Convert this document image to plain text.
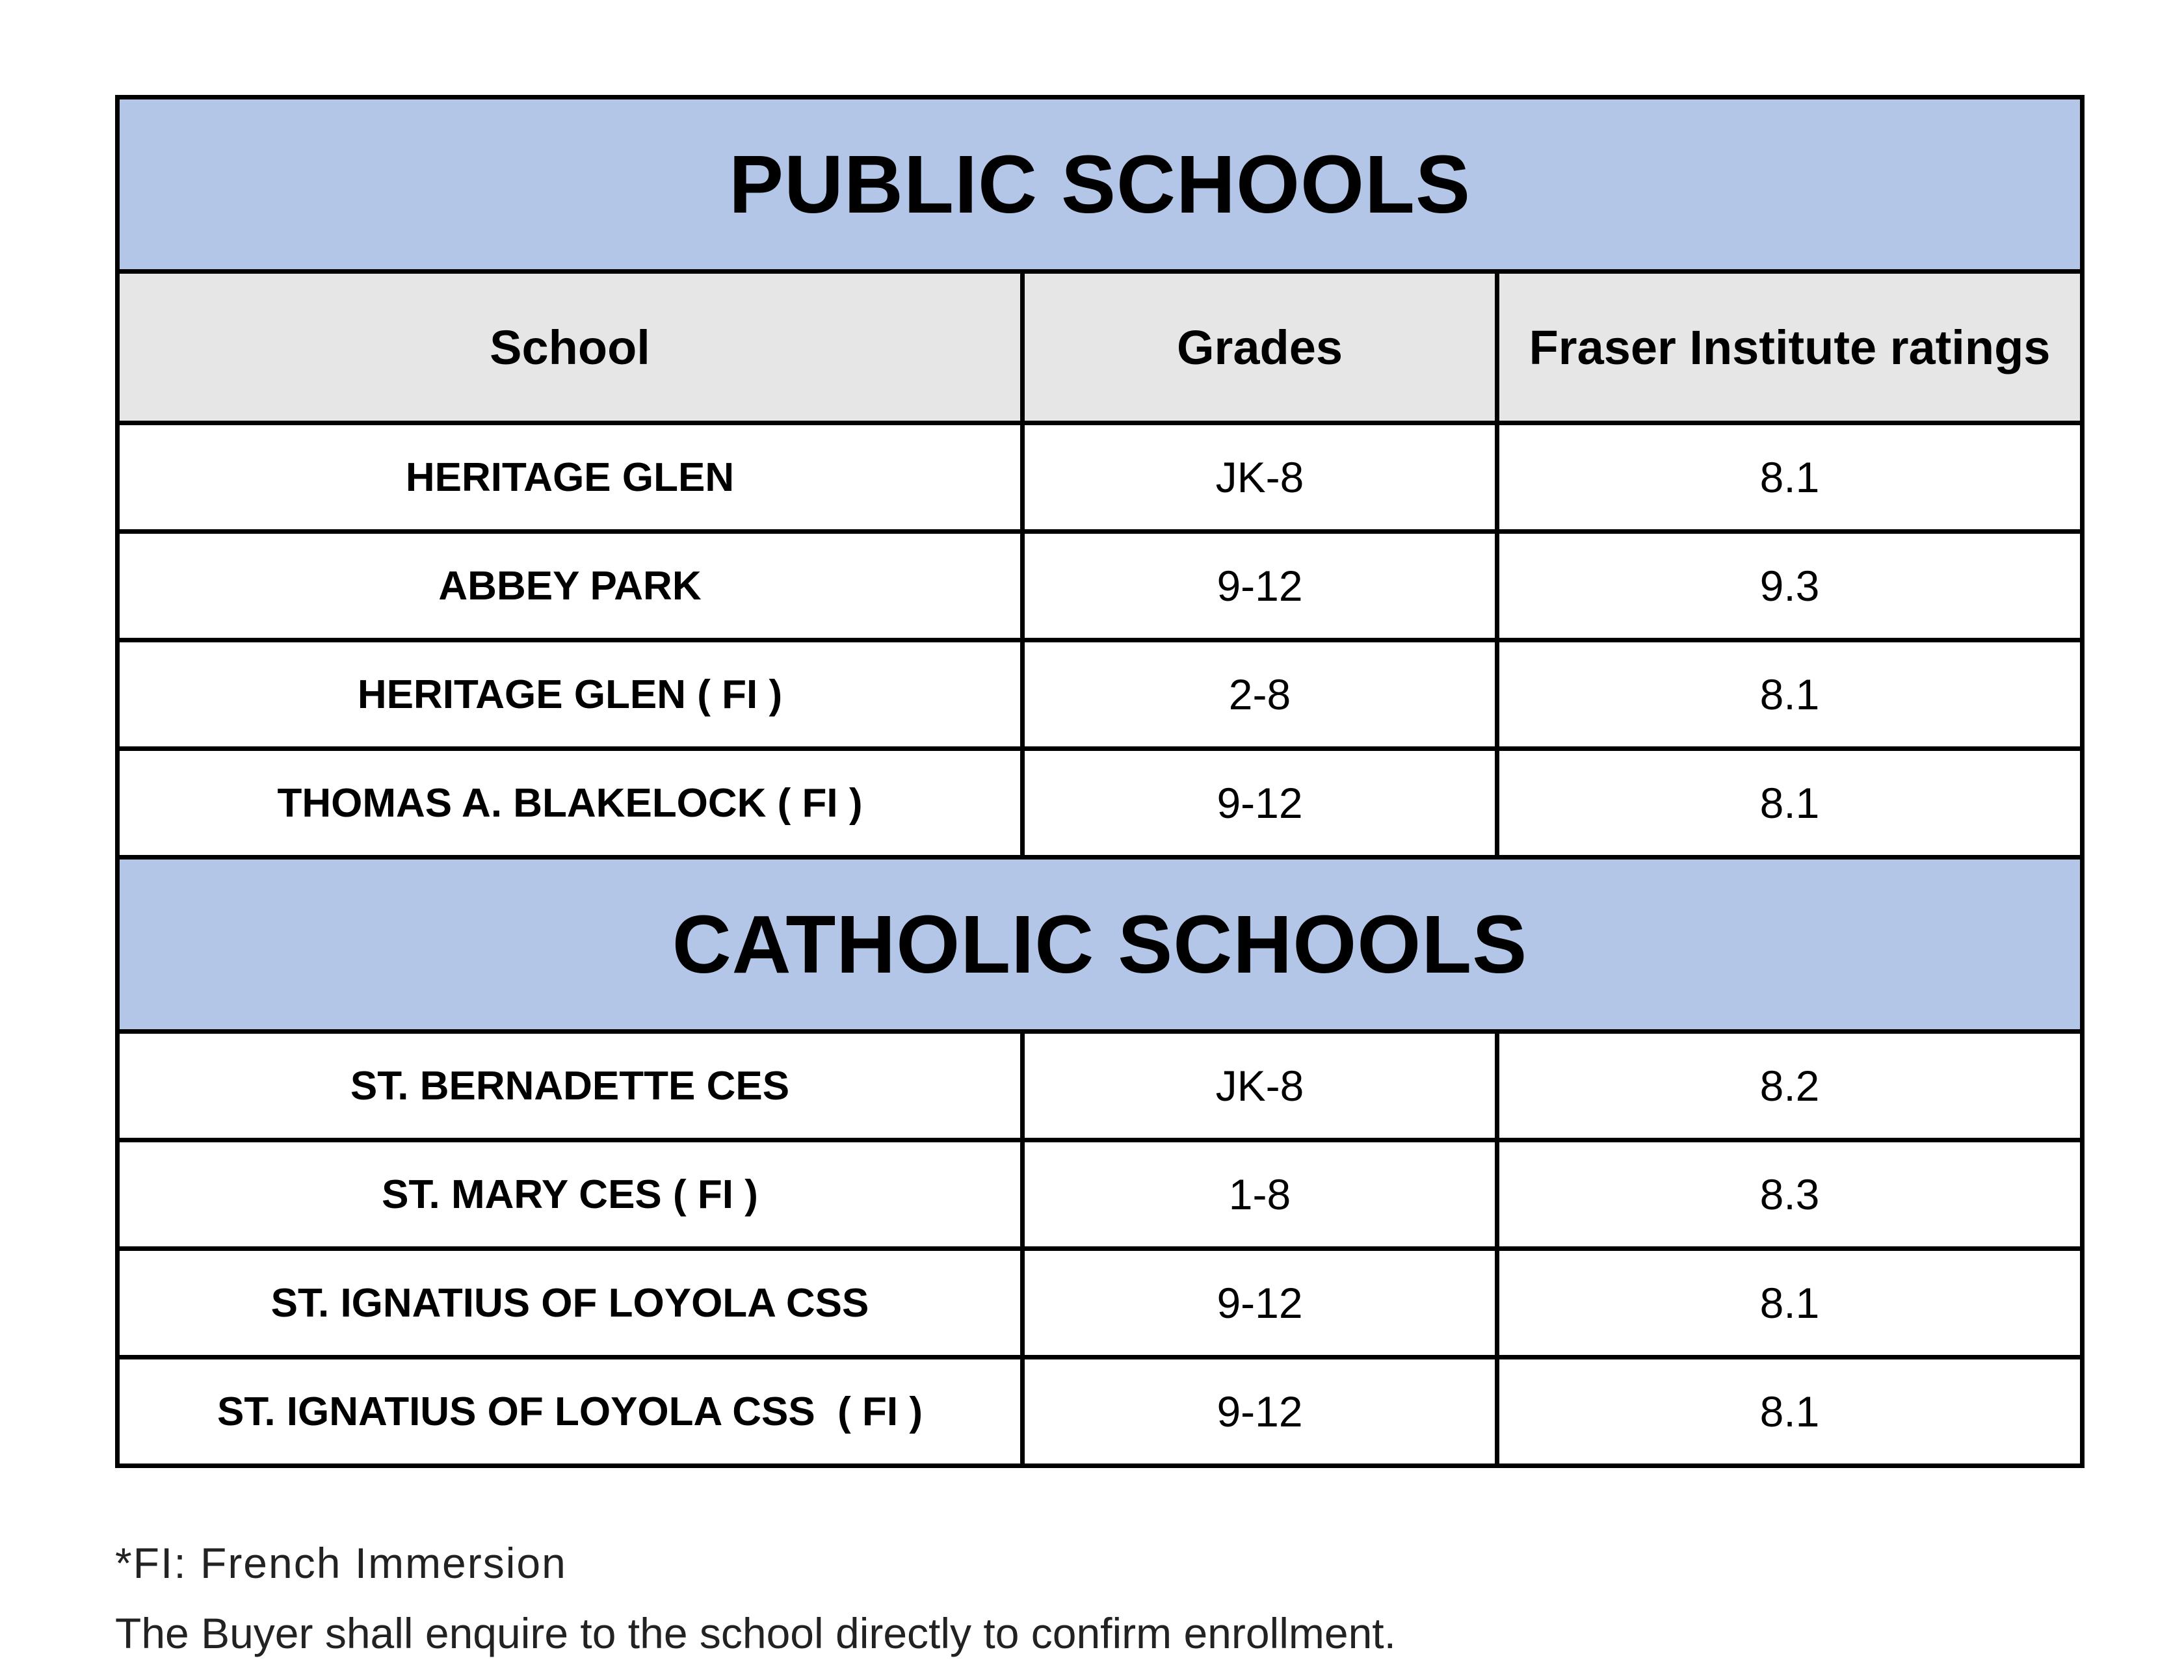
PUBLIC SCHOOLS		
School	Grades	Fraser Institute ratings
HERITAGE GLEN	JK-8	8.1
ABBEY PARK	9-12	9.3
HERITAGE GLEN ( FI )	2-8	8.1
THOMAS A. BLAKELOCK ( FI )	9-12	8.1
CATHOLIC SCHOOLS		
ST. BERNADETTE CES	JK-8	8.2
ST. MARY CES ( FI )	1-8	8.3
ST. IGNATIUS OF LOYOLA CSS	9-12	8.1
ST. IGNATIUS OF LOYOLA CSS  ( FI )	9-12	8.1
*FI: French Immersion
The Buyer shall enquire to the school directly to confirm enrollment.
